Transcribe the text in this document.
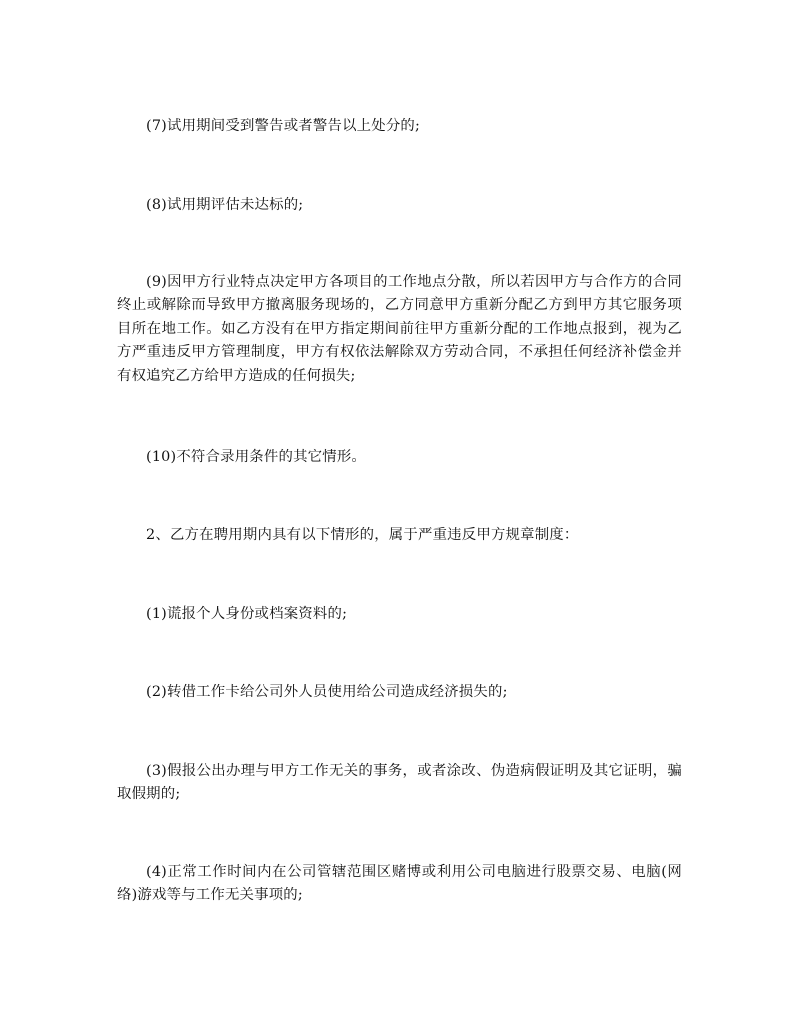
(7)试用期间受到警告或者警告以上处分的;

(8)试用期评估未达标的;

(9)因甲方行业特点决定甲方各项目的工作地点分散，所以若因甲方与合作方的合同终止或解除而导致甲方撤离服务现场的，乙方同意甲方重新分配乙方到甲方其它服务项目所在地工作。如乙方没有在甲方指定期间前往甲方重新分配的工作地点报到，视为乙方严重违反甲方管理制度，甲方有权依法解除双方劳动合同，不承担任何经济补偿金并有权追究乙方给甲方造成的任何损失;

(10)不符合录用条件的其它情形。

2、乙方在聘用期内具有以下情形的，属于严重违反甲方规章制度：

(1)谎报个人身份或档案资料的;

(2)转借工作卡给公司外人员使用给公司造成经济损失的;

(3)假报公出办理与甲方工作无关的事务，或者涂改、伪造病假证明及其它证明，骗取假期的;

(4)正常工作时间内在公司管辖范围区赌博或利用公司电脑进行股票交易、电脑(网络)游戏等与工作无关事项的;
